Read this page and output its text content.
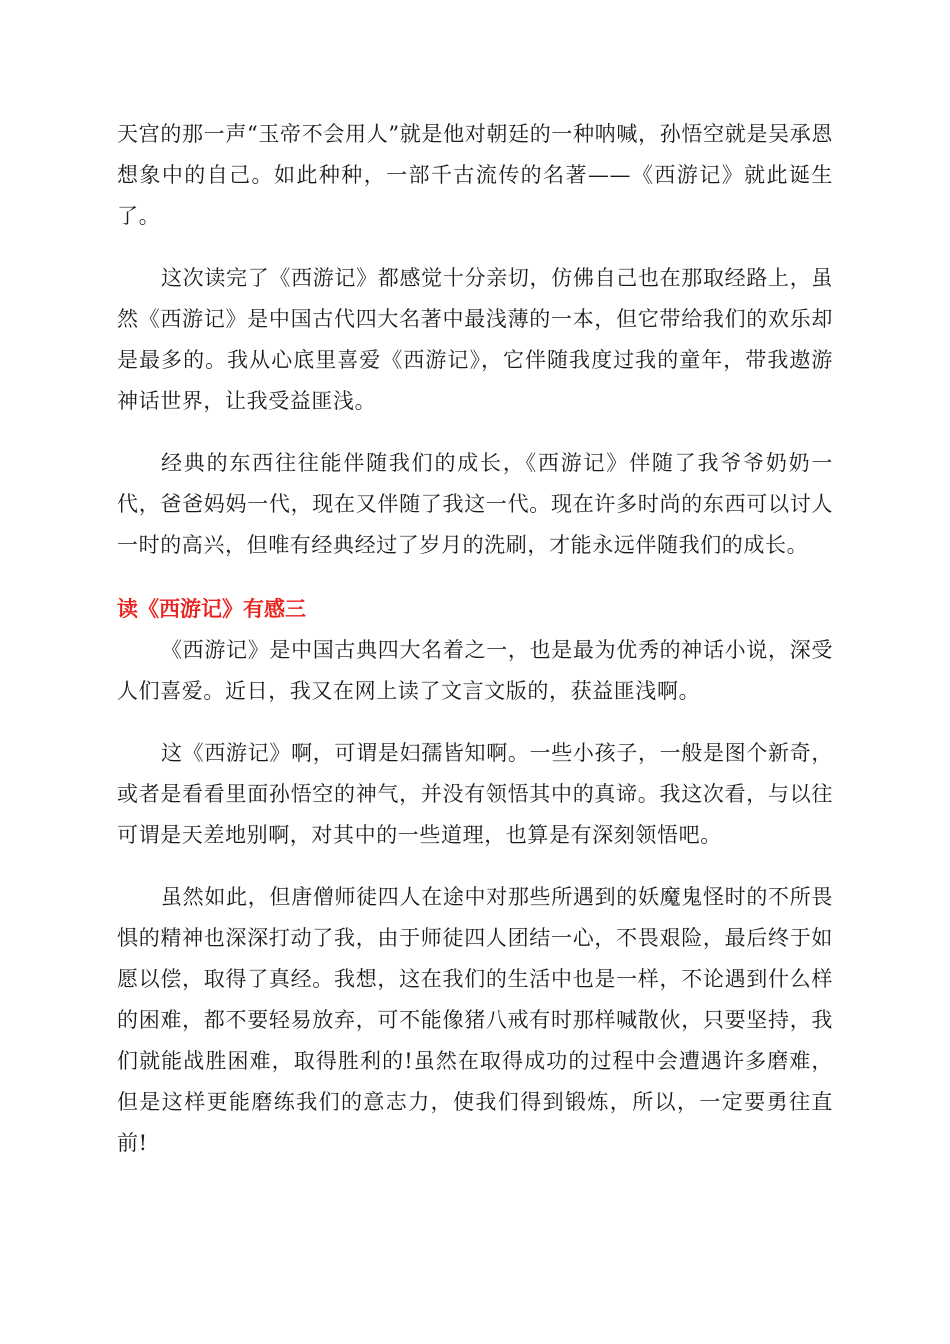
天宫的那一声“玉帝不会用人”就是他对朝廷的一种呐喊，孙悟空就是吴承恩想象中的自己。如此种种，一部千古流传的名著——《西游记》就此诞生了。

这次读完了《西游记》都感觉十分亲切，仿佛自己也在那取经路上，虽然《西游记》是中国古代四大名著中最浅薄的一本，但它带给我们的欢乐却是最多的。我从心底里喜爱《西游记》，它伴随我度过我的童年，带我遨游神话世界，让我受益匪浅。

经典的东西往往能伴随我们的成长，《西游记》伴随了我爷爷奶奶一代，爸爸妈妈一代，现在又伴随了我这一代。现在许多时尚的东西可以讨人一时的高兴，但唯有经典经过了岁月的洗刷，才能永远伴随我们的成长。

读《西游记》有感三

《西游记》是中国古典四大名着之一，也是最为优秀的神话小说，深受人们喜爱。近日，我又在网上读了文言文版的，获益匪浅啊。

这《西游记》啊，可谓是妇孺皆知啊。一些小孩子，一般是图个新奇，或者是看看里面孙悟空的神气，并没有领悟其中的真谛。我这次看，与以往可谓是天差地别啊，对其中的一些道理，也算是有深刻领悟吧。

虽然如此，但唐僧师徒四人在途中对那些所遇到的妖魔鬼怪时的不所畏惧的精神也深深打动了我，由于师徒四人团结一心，不畏艰险，最后终于如愿以偿，取得了真经。我想，这在我们的生活中也是一样，不论遇到什么样的困难，都不要轻易放弃，可不能像猪八戒有时那样喊散伙，只要坚持，我们就能战胜困难，取得胜利的!虽然在取得成功的过程中会遭遇许多磨难，但是这样更能磨练我们的意志力，使我们得到锻炼，所以，一定要勇往直前!
